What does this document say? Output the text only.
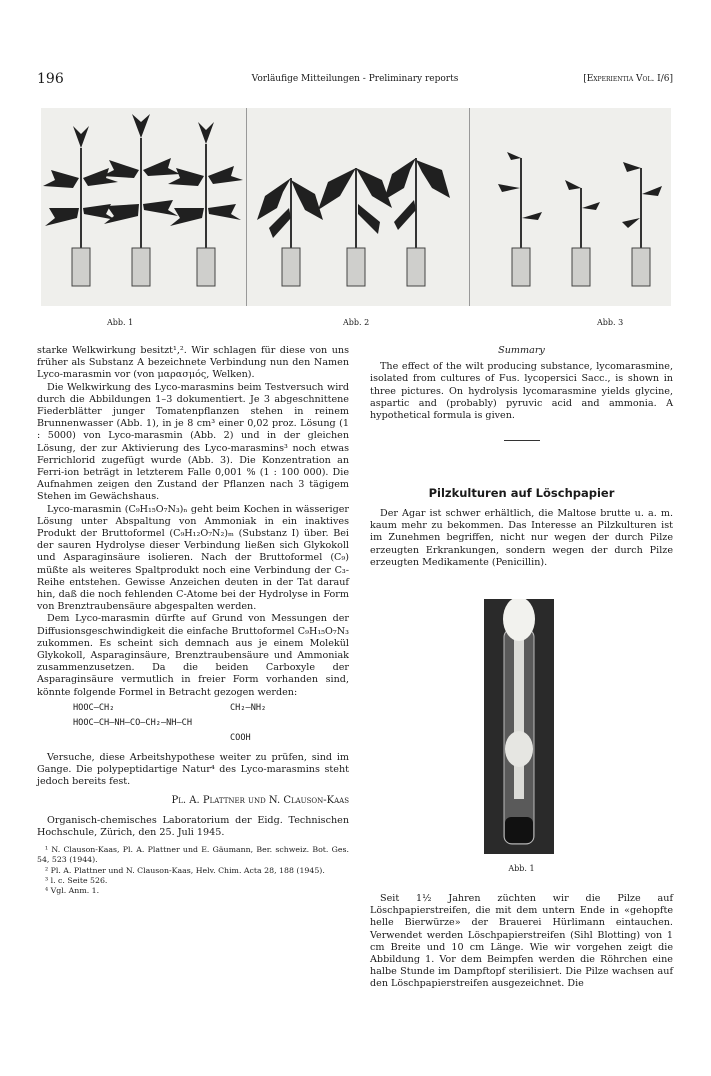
196	Vorläufige Mitteilungen - Preliminary reports	[Experientia Vol. I/6]
Abb. 1	Abb. 2	Abb. 3

starke Welkwirkung besitzt¹,². Wir schlagen für diese von uns früher als Substanz A bezeichnete Verbindung nun den Namen Lyco-marasmin vor (von μαρασμός, Welken).

Die Welkwirkung des Lyco-marasmins beim Testversuch wird durch die Abbildungen 1–3 dokumentiert. Je 3 abgeschnittene Fiederblätter junger Tomatenpflanzen stehen in reinem Brunnenwasser (Abb. 1), in je 8 cm³ einer 0,02 proz. Lösung (1 : 5000) von Lyco-marasmin (Abb. 2) und in der gleichen Lösung, der zur Aktivierung des Lyco-marasmins³ noch etwas Ferrichlorid zugefügt wurde (Abb. 3). Die Konzentration an Ferri-ion beträgt in letzterem Falle 0,001 % (1 : 100 000). Die Aufnahmen zeigen den Zustand der Pflanzen nach 3 tägigem Stehen im Gewächshaus.

Lyco-marasmin (C₉H₁₅O₇N₃)ₙ geht beim Kochen in wässeriger Lösung unter Abspaltung von Ammoniak in ein inaktives Produkt der Bruttoformel (C₉H₁₂O₇N₂)ₘ (Substanz I) über. Bei der sauren Hydrolyse dieser Verbindung ließen sich Glykokoll und Asparaginsäure isolieren. Nach der Bruttoformel (C₉) müßte als weiteres Spaltprodukt noch eine Verbindung der C₃-Reihe entstehen. Gewisse Anzeichen deuten in der Tat darauf hin, daß die noch fehlenden C-Atome bei der Hydrolyse in Form von Brenztraubensäure abgespalten werden.

Dem Lyco-marasmin dürfte auf Grund von Messungen der Diffusionsgeschwindigkeit die einfache Bruttoformel C₉H₁₅O₇N₃ zukommen. Es scheint sich demnach aus je einem Molekül Glykokoll, Asparaginsäure, Brenztraubensäure und Ammoniak zusammenzusetzen. Da die beiden Carboxyle der Asparaginsäure vermutlich in freier Form vorhanden sind, könnte folgende Formel in Betracht gezogen werden:

HOOC—CH₂	CH₂—NH₂
HOOC—CH—NH—CO—CH₂—NH—CH
COOH

Versuche, diese Arbeitshypothese weiter zu prüfen, sind im Gange. Die polypeptidartige Natur⁴ des Lyco-marasmins steht jedoch bereits fest.

Pl. A. Plattner und N. Clauson-Kaas

Organisch-chemisches Laboratorium der Eidg. Technischen Hochschule, Zürich, den 25. Juli 1945.

¹ N. Clauson-Kaas, Pl. A. Plattner und E. Gäumann, Ber. schweiz. Bot. Ges. 54, 523 (1944).

² Pl. A. Plattner und N. Clauson-Kaas, Helv. Chim. Acta 28, 188 (1945).

³ l. c. Seite 526.

⁴ Vgl. Anm. 1.

Summary

The effect of the wilt producing substance, lycomarasmine, isolated from cultures of Fus. lycopersici Sacc., is shown in three pictures. On hydrolysis lycomarasmine yields glycine, aspartic and (probably) pyruvic acid and ammonia. A hypothetical formula is given.

Pilzkulturen auf Löschpapier

Der Agar ist schwer erhältlich, die Maltose brutte u. a. m. kaum mehr zu bekommen. Das Interesse an Pilzkulturen ist im Zunehmen begriffen, nicht nur wegen der durch Pilze erzeugten Erkrankungen, sondern wegen der durch Pilze erzeugten Medikamente (Penicillin).

Abb. 1

Seit 1½ Jahren züchten wir die Pilze auf Löschpapierstreifen, die mit dem untern Ende in «gehopfte helle Bierwürze» der Brauerei Hürlimann eintauchen. Verwendet werden Löschpapierstreifen (Sihl Blotting) von 1 cm Breite und 10 cm Länge. Wie wir vorgehen zeigt die Abbildung 1. Vor dem Beimpfen werden die Röhrchen eine halbe Stunde im Dampftopf sterilisiert. Die Pilze wachsen auf den Löschpapierstreifen ausgezeichnet. Die
